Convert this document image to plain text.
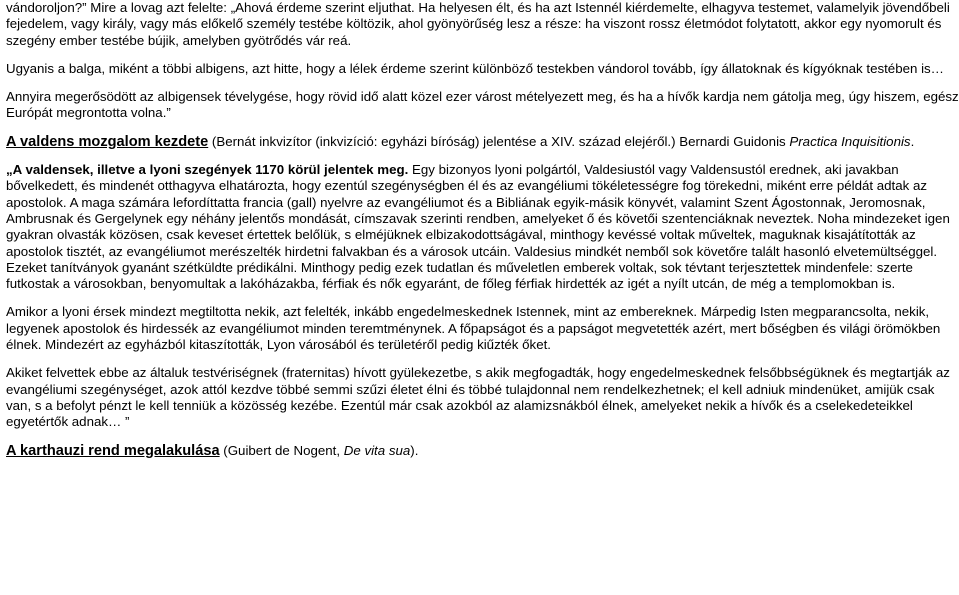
vándoroljon?” Mire a lovag azt felelte: „Ahová érdeme szerint eljuthat. Ha helyesen élt, és ha azt Istennél kiérdemelte, elhagyva testemet, valamelyik jövendőbeli fejedelem, vagy király, vagy más előkelő személy testébe költözik, ahol gyönyörűség lesz a része: ha viszont rossz életmódot folytatott, akkor egy nyomorult és szegény ember testébe bújik, amelyben gyötrődés vár reá.

Ugyanis a balga, miként a többi albigens, azt hitte, hogy a lélek érdeme szerint különböző testekben vándorol tovább, így állatoknak és kígyóknak testében is…

Annyira megerősödött az albigensek tévelygése, hogy rövid idő alatt közel ezer várost mételyezett meg, és ha a hívők kardja nem gátolja meg, úgy hiszem, egész Európát megrontotta volna.”

A valdens mozgalom kezdete (Bernát inkvizítor (inkvizíció: egyházi bíróság) jelentése a XIV. század elejéről.) Bernardi Guidonis Practica Inquisitionis.

„A valdensek, illetve a lyoni szegények 1170 körül jelentek meg. Egy bizonyos lyoni polgártól, Valdesiustól vagy Valdensustól erednek, aki javakban bővelkedett, és mindenét otthagyva elhatározta, hogy ezentúl szegénységben él és az evangéliumi tökéletességre fog törekedni, miként erre példát adtak az apostolok. A maga számára lefordíttatta francia (gall) nyelvre az evangéliumot és a Bibliának egyik-másik könyvét, valamint Szent Ágostonnak, Jeromosnak, Ambrusnak és Gergelynek egy néhány jelentős mondását, címszavak szerinti rendben, amelyeket ő és követői szentenciáknak neveztek. Noha mindezeket igen gyakran olvasták közösen, csak keveset értettek belőlük, s elméjüknek elbizakodottságával, minthogy kevéssé voltak műveltek, maguknak kisajátították az apostolok tisztét, az evangéliumot merészelték hirdetni falvakban és a városok utcáin. Valdesius mindkét nemből sok követőre talált hasonló elvetemültséggel. Ezeket tanítványok gyanánt szétküldte prédikálni. Minthogy pedig ezek tudatlan és műveletlen emberek voltak, sok tévtant terjesztettek mindenfele: szerte futkostak a városokban, benyomultak a lakóházakba, férfiak és nők egyaránt, de főleg férfiak hirdették az igét a nyílt utcán, de még a templomokban is.

Amikor a lyoni érsek mindezt megtiltotta nekik, azt felelték, inkább engedelmeskednek Istennek, mint az embereknek. Márpedig Isten megparancsolta, nekik, legyenek apostolok és hirdessék az evangéliumot minden teremtménynek. A főpapságot és a papságot megvetették azért, mert bőségben és világi örömökben élnek. Mindezért az egyházból kitaszították, Lyon városából és területéről pedig kiűzték őket.

Akiket felvettek ebbe az általuk testvériségnek (fraternitas) hívott gyülekezetbe, s akik megfogadták, hogy engedelmeskednek felsőbbségüknek és megtartják az evangéliumi szegénységet, azok attól kezdve többé semmi szűzi életet élni és többé tulajdonnal nem rendelkezhetnek; el kell adniuk mindenüket, amijük csak van, s a befolyt pénzt le kell tenniük a közösség kezébe. Ezentúl már csak azokból az alamizsnákból élnek, amelyeket nekik a hívők és a cselekedeteikkel egyetértők adnak… ”

A karthauzi rend megalakulása (Guibert de Nogent, De vita sua).
